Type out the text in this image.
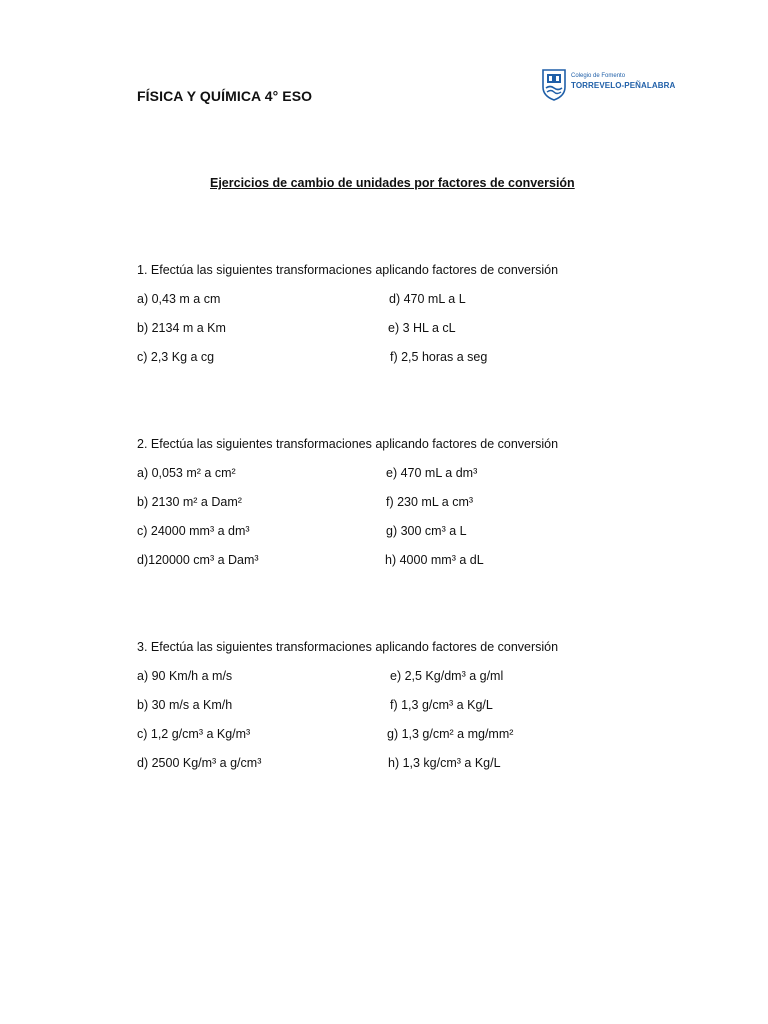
FÍSICA Y QUÍMICA 4° ESO
Colegio de Fomento
TORREVELO-PEÑALABRA
Ejercicios de cambio de unidades por factores de conversión
1. Efectúa las siguientes transformaciones aplicando factores de conversión
a) 0,43 m a cm	d) 470 mL a L
b) 2134 m a Km	e) 3 HL a cL
c) 2,3 Kg a cg	f) 2,5 horas a seg
2. Efectúa las siguientes transformaciones aplicando factores de conversión
a) 0,053 m² a cm²	e) 470 mL a dm³
b) 2130 m² a Dam²	f) 230 mL a cm³
c) 24000 mm³ a dm³	g) 300 cm³ a L
d)120000 cm³ a Dam³	h) 4000 mm³ a dL
3. Efectúa las siguientes transformaciones aplicando factores de conversión
a) 90 Km/h a m/s	e) 2,5 Kg/dm³ a g/ml
b) 30 m/s a Km/h	f) 1,3 g/cm³ a Kg/L
c) 1,2 g/cm³ a Kg/m³	g) 1,3 g/cm² a mg/mm²
d) 2500 Kg/m³ a g/cm³	h) 1,3 kg/cm³ a Kg/L
